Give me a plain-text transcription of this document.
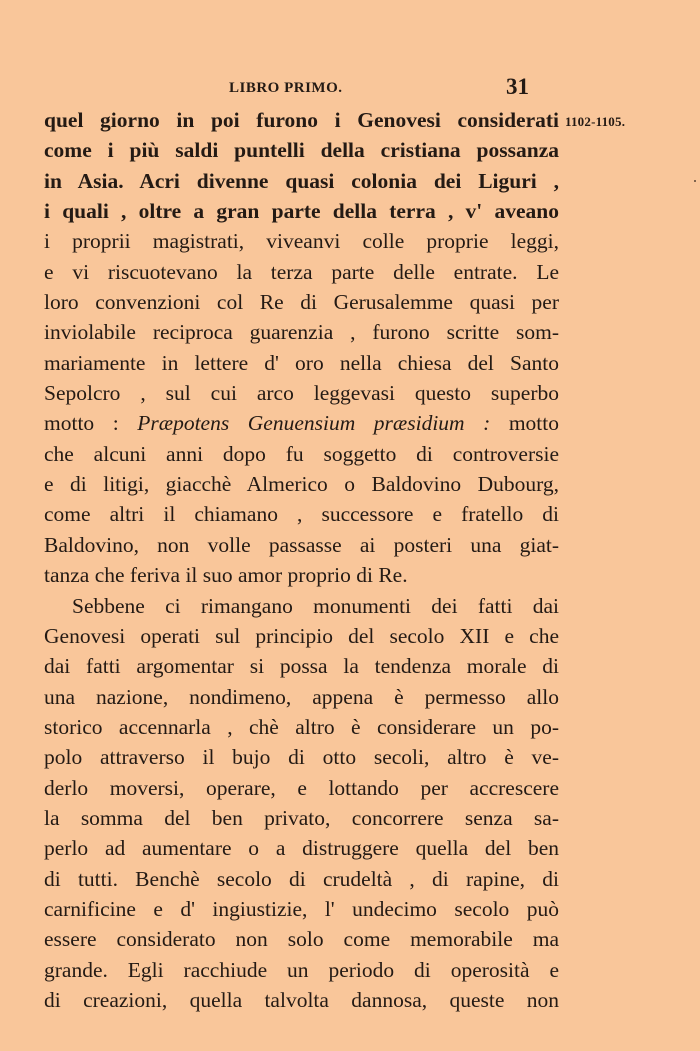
LIBRO PRIMO.	31
1102-1105.
quel giorno in poi furono i Genovesi considerati
come i più saldi puntelli della cristiana possanza
in Asia. Acri divenne quasi colonia dei Liguri ,
i quali , oltre a gran parte della terra , v' aveano
i proprii magistrati, viveanvi colle proprie leggi,
e vi riscuotevano la terza parte delle entrate. Le
loro convenzioni col Re di Gerusalemme quasi per
inviolabile reciproca guarenzia , furono scritte som-
mariamente in lettere d' oro nella chiesa del Santo
Sepolcro , sul cui arco leggevasi questo superbo
motto : Præpotens Genuensium præsidium : motto
che alcuni anni dopo fu soggetto di controversie
e di litigi, giacchè Almerico o Baldovino Dubourg,
come altri il chiamano , successore e fratello di
Baldovino, non volle passasse ai posteri una giat-
tanza che feriva il suo amor proprio di Re.
Sebbene ci rimangano monumenti dei fatti dai
Genovesi operati sul principio del secolo XII e che
dai fatti argomentar si possa la tendenza morale di
una nazione, nondimeno, appena è permesso allo
storico accennarla , chè altro è considerare un po-
polo attraverso il bujo di otto secoli, altro è ve-
derlo moversi, operare, e lottando per accrescere
la somma del ben privato, concorrere senza sa-
perlo ad aumentare o a distruggere quella del ben
di tutti. Benchè secolo di crudeltà , di rapine, di
carnificine e d' ingiustizie, l' undecimo secolo può
essere considerato non solo come memorabile ma
grande. Egli racchiude un periodo di operosità e
di creazioni, quella talvolta dannosa, queste non
